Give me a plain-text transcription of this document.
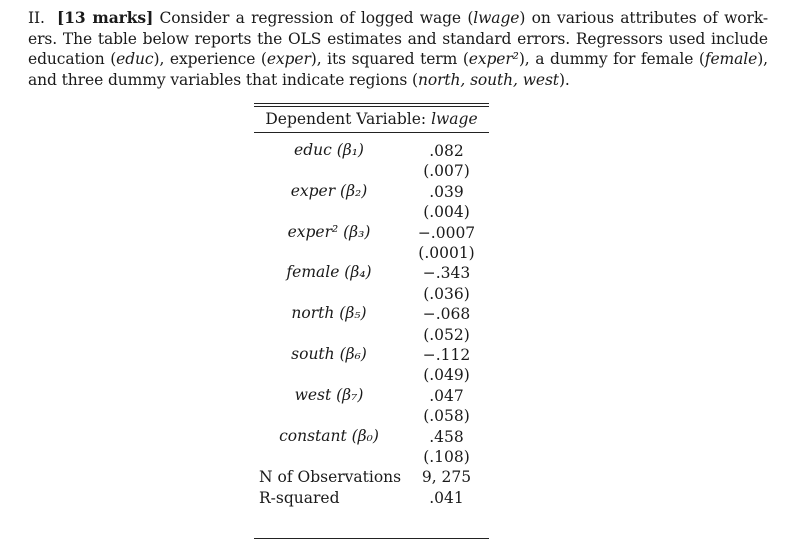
II. [13 marks] Consider a regression of logged wage (lwage) on various attributes of work-ers. The table below reports the OLS estimates and standard errors. Regressors used include education (educ), experience (exper), its squared term (exper²), a dummy for female (female), and three dummy variables that indicate regions (north, south, west).

Dependent Variable: lwage
educ (β₁)	.082
(.007)
exper (β₂)	.039
(.004)
exper² (β₃)	−.0007
(.0001)
female (β₄)	−.343
(.036)
north (β₅)	−.068
(.052)
south (β₆)	−.112
(.049)
west (β₇)	.047
(.058)
constant (β₀)	.458
(.108)
N of Observations	9, 275
R-squared	.041
